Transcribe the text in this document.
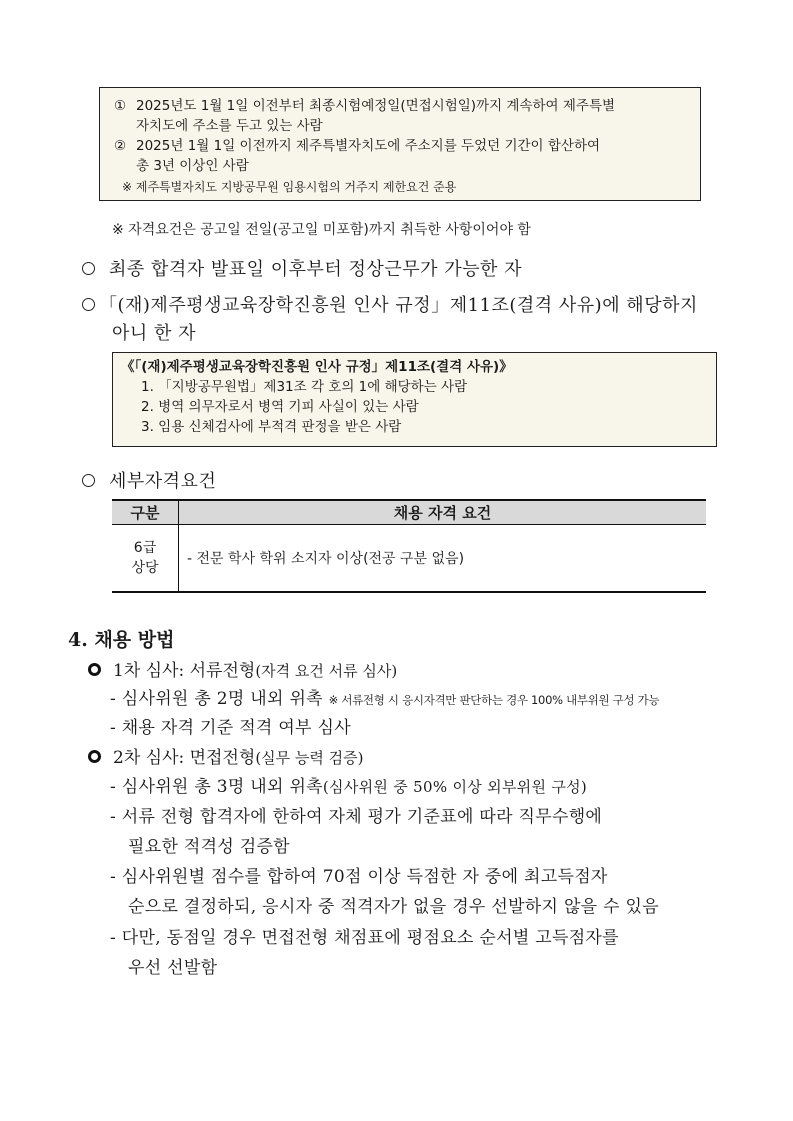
① 2025년도 1월 1일 이전부터 최종시험예정일(면접시험일)까지 계속하여 제주특별
자치도에 주소를 두고 있는 사람
② 2025년 1월 1일 이전까지 제주특별자치도에 주소지를 두었던 기간이 합산하여
총 3년 이상인 사람
※ 제주특별자치도 지방공무원 임용시험의 거주지 제한요건 준용
※ 자격요건은 공고일 전일(공고일 미포함)까지 취득한 사항이어야 함
최종 합격자 발표일 이후부터 정상근무가 가능한 자
「(재)제주평생교육장학진흥원 인사 규정」제11조(결격 사유)에 해당하지
아니 한 자
《「(재)제주평생교육장학진흥원 인사 규정」제11조(결격 사유)》
1. 「지방공무원법」제31조 각 호의 1에 해당하는 사람
2. 병역 의무자로서 병역 기피 사실이 있는 사람
3. 임용 신체검사에 부적격 판정을 받은 사람
세부자격요건
구분	채용 자격 요건

6급
상당	- 전문 학사 학위 소지자 이상(전공 구분 없음)
4. 채용 방법
1차 심사: 서류전형(자격 요건 서류 심사)
- 심사위원 총 2명 내외 위촉 ※ 서류전형 시 응시자격만 판단하는 경우 100% 내부위원 구성 가능
- 채용 자격 기준 적격 여부 심사
2차 심사: 면접전형(실무 능력 검증)
- 심사위원 총 3명 내외 위촉(심사위원 중 50% 이상 외부위원 구성)
- 서류 전형 합격자에 한하여 자체 평가 기준표에 따라 직무수행에
필요한 적격성 검증함
- 심사위원별 점수를 합하여 70점 이상 득점한 자 중에 최고득점자
순으로 결정하되, 응시자 중 적격자가 없을 경우 선발하지 않을 수 있음
- 다만, 동점일 경우 면접전형 채점표에 평점요소 순서별 고득점자를
우선 선발함
